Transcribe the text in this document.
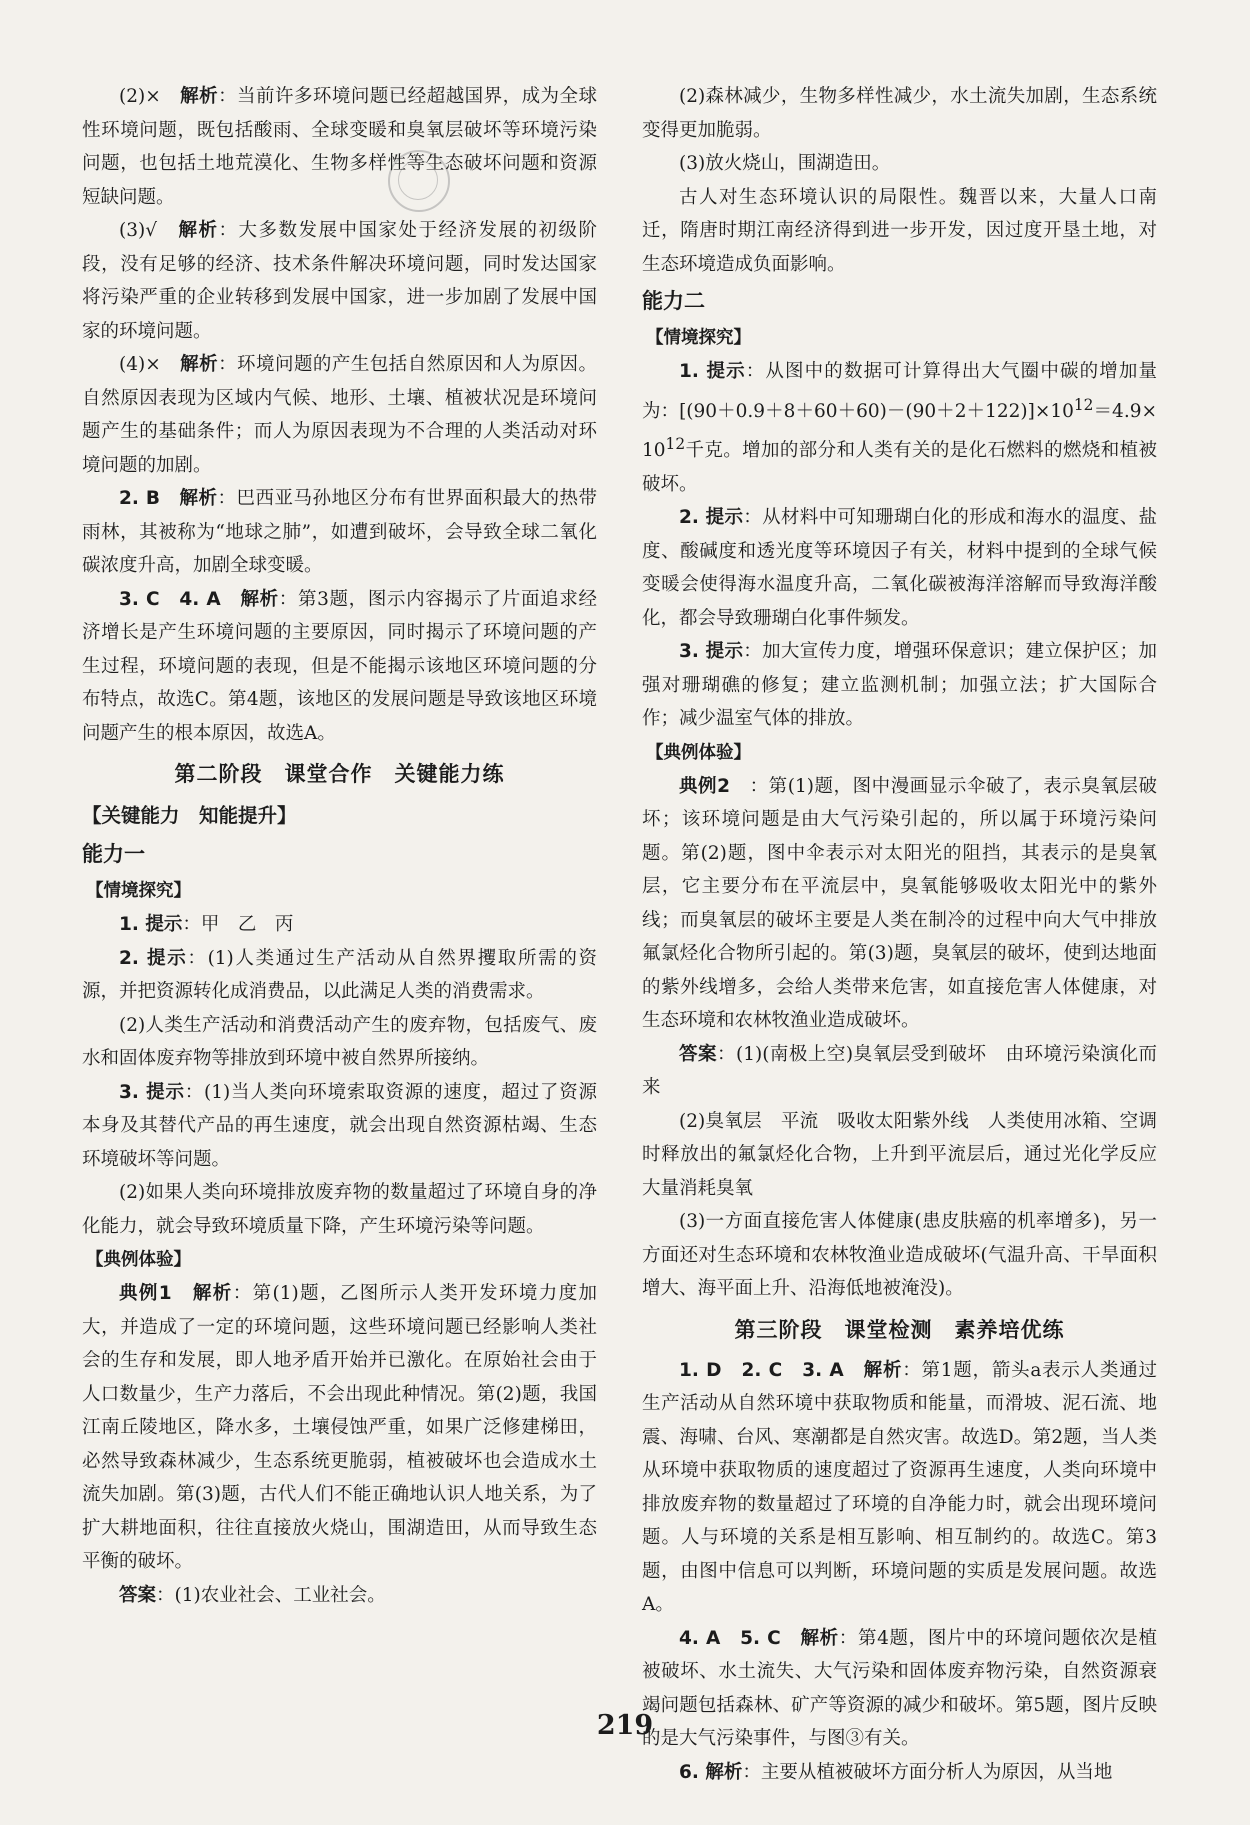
(2)×　解析：当前许多环境问题已经超越国界，成为全球性环境问题，既包括酸雨、全球变暖和臭氧层破坏等环境污染问题，也包括土地荒漠化、生物多样性等生态破坏问题和资源短缺问题。

(3)√　解析：大多数发展中国家处于经济发展的初级阶段，没有足够的经济、技术条件解决环境问题，同时发达国家将污染严重的企业转移到发展中国家，进一步加剧了发展中国家的环境问题。

(4)×　解析：环境问题的产生包括自然原因和人为原因。自然原因表现为区域内气候、地形、土壤、植被状况是环境问题产生的基础条件；而人为原因表现为不合理的人类活动对环境问题的加剧。

2. B　解析：巴西亚马孙地区分布有世界面积最大的热带雨林，其被称为“地球之肺”，如遭到破坏，会导致全球二氧化碳浓度升高，加剧全球变暖。

3. C　4. A　解析：第3题，图示内容揭示了片面追求经济增长是产生环境问题的主要原因，同时揭示了环境问题的产生过程，环境问题的表现，但是不能揭示该地区环境问题的分布特点，故选C。第4题，该地区的发展问题是导致该地区环境问题产生的根本原因，故选A。

第二阶段　课堂合作　关键能力练

【关键能力　知能提升】

能力一

【情境探究】

1. 提示：甲　乙　丙

2. 提示：(1)人类通过生产活动从自然界攫取所需的资源，并把资源转化成消费品，以此满足人类的消费需求。

(2)人类生产活动和消费活动产生的废弃物，包括废气、废水和固体废弃物等排放到环境中被自然界所接纳。

3. 提示：(1)当人类向环境索取资源的速度，超过了资源本身及其替代产品的再生速度，就会出现自然资源枯竭、生态环境破坏等问题。

(2)如果人类向环境排放废弃物的数量超过了环境自身的净化能力，就会导致环境质量下降，产生环境污染等问题。

【典例体验】

典例1　解析：第(1)题，乙图所示人类开发环境力度加大，并造成了一定的环境问题，这些环境问题已经影响人类社会的生存和发展，即人地矛盾开始并已激化。在原始社会由于人口数量少，生产力落后，不会出现此种情况。第(2)题，我国江南丘陵地区，降水多，土壤侵蚀严重，如果广泛修建梯田，必然导致森林减少，生态系统更脆弱，植被破坏也会造成水土流失加剧。第(3)题，古代人们不能正确地认识人地关系，为了扩大耕地面积，往往直接放火烧山，围湖造田，从而导致生态平衡的破坏。

答案：(1)农业社会、工业社会。

(2)森林减少，生物多样性减少，水土流失加剧，生态系统变得更加脆弱。

(3)放火烧山，围湖造田。

古人对生态环境认识的局限性。魏晋以来，大量人口南迁，隋唐时期江南经济得到进一步开发，因过度开垦土地，对生态环境造成负面影响。

能力二

【情境探究】

1. 提示：从图中的数据可计算得出大气圈中碳的增加量为：$[(90+0.9+8+60+60)-(90+2+122)]\times 10^{12}=4.9\times 10^{12}$千克。增加的部分和人类有关的是化石燃料的燃烧和植被破坏。

2. 提示：从材料中可知珊瑚白化的形成和海水的温度、盐度、酸碱度和透光度等环境因子有关，材料中提到的全球气候变暖会使得海水温度升高，二氧化碳被海洋溶解而导致海洋酸化，都会导致珊瑚白化事件频发。

3. 提示：加大宣传力度，增强环保意识；建立保护区；加强对珊瑚礁的修复；建立监测机制；加强立法；扩大国际合作；减少温室气体的排放。

【典例体验】

典例2　：第(1)题，图中漫画显示伞破了，表示臭氧层破坏；该环境问题是由大气污染引起的，所以属于环境污染问题。第(2)题，图中伞表示对太阳光的阻挡，其表示的是臭氧层，它主要分布在平流层中，臭氧能够吸收太阳光中的紫外线；而臭氧层的破坏主要是人类在制冷的过程中向大气中排放氟氯烃化合物所引起的。第(3)题，臭氧层的破坏，使到达地面的紫外线增多，会给人类带来危害，如直接危害人体健康，对生态环境和农林牧渔业造成破坏。

答案：(1)(南极上空)臭氧层受到破坏　由环境污染演化而来

(2)臭氧层　平流　吸收太阳紫外线　人类使用冰箱、空调时释放出的氟氯烃化合物，上升到平流层后，通过光化学反应大量消耗臭氧

(3)一方面直接危害人体健康(患皮肤癌的机率增多)，另一方面还对生态环境和农林牧渔业造成破坏(气温升高、干旱面积增大、海平面上升、沿海低地被淹没)。

第三阶段　课堂检测　素养培优练

1. D　2. C　3. A　解析：第1题，箭头a表示人类通过生产活动从自然环境中获取物质和能量，而滑坡、泥石流、地震、海啸、台风、寒潮都是自然灾害。故选D。第2题，当人类从环境中获取物质的速度超过了资源再生速度，人类向环境中排放废弃物的数量超过了环境的自净能力时，就会出现环境问题。人与环境的关系是相互影响、相互制约的。故选C。第3题，由图中信息可以判断，环境问题的实质是发展问题。故选A。

4. A　5. C　解析：第4题，图片中的环境问题依次是植被破坏、水土流失、大气污染和固体废弃物污染，自然资源衰竭问题包括森林、矿产等资源的减少和破坏。第5题，图片反映的是大气污染事件，与图③有关。

6. 解析：主要从植被破坏方面分析人为原因，从当地

219
